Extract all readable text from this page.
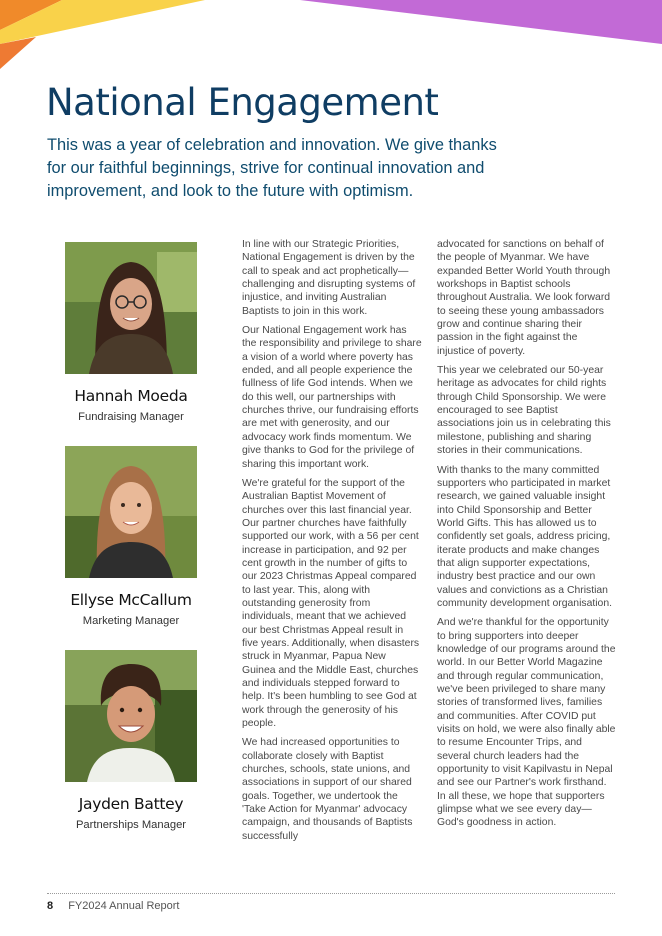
National Engagement

This was a year of celebration and innovation. We give thanks for our faithful beginnings, strive for continual innovation and improvement, and look to the future with optimism.

Hannah Moeda
Fundraising Manager
Ellyse McCallum
Marketing Manager
Jayden Battey
Partnerships Manager

In line with our Strategic Priorities, National Engagement is driven by the call to speak and act prophetically—challenging and disrupting systems of injustice, and inviting Australian Baptists to join in this work.

Our National Engagement work has the responsibility and privilege to share a vision of a world where poverty has ended, and all people experience the fullness of life God intends. When we do this well, our partnerships with churches thrive, our fundraising efforts are met with generosity, and our advocacy work finds momentum. We give thanks to God for the privilege of sharing this important work.

We're grateful for the support of the Australian Baptist Movement of churches over this last financial year. Our partner churches have faithfully supported our work, with a 56 per cent increase in participation, and 92 per cent growth in the number of gifts to our 2023 Christmas Appeal compared to last year. This, along with outstanding generosity from individuals, meant that we achieved our best Christmas Appeal result in five years. Additionally, when disasters struck in Myanmar, Papua New Guinea and the Middle East, churches and individuals stepped forward to help. It's been humbling to see God at work through the generosity of his people.

We had increased opportunities to collaborate closely with Baptist churches, schools, state unions, and associations in support of our shared goals. Together, we undertook the 'Take Action for Myanmar' advocacy campaign, and thousands of Baptists successfully

advocated for sanctions on behalf of the people of Myanmar. We have expanded Better World Youth through workshops in Baptist schools throughout Australia. We look forward to seeing these young ambassadors grow and continue sharing their passion in the fight against the injustice of poverty.

This year we celebrated our 50-year heritage as advocates for child rights through Child Sponsorship. We were encouraged to see Baptist associations join us in celebrating this milestone, publishing and sharing stories in their communications.

With thanks to the many committed supporters who participated in market research, we gained valuable insight into Child Sponsorship and Better World Gifts. This has allowed us to confidently set goals, address pricing, iterate products and make changes that align supporter expectations, industry best practice and our own values and convictions as a Christian community development organisation.

And we're thankful for the opportunity to bring supporters into deeper knowledge of our programs around the world. In our Better World Magazine and through regular communication, we've been privileged to share many stories of transformed lives, families and communities. After COVID put visits on hold, we were also finally able to resume Encounter Trips, and several church leaders had the opportunity to visit Kapilvastu in Nepal and see our Partner's work firsthand. In all these, we hope that supporters glimpse what we see every day—God's goodness in action.

8 FY2024 Annual Report
